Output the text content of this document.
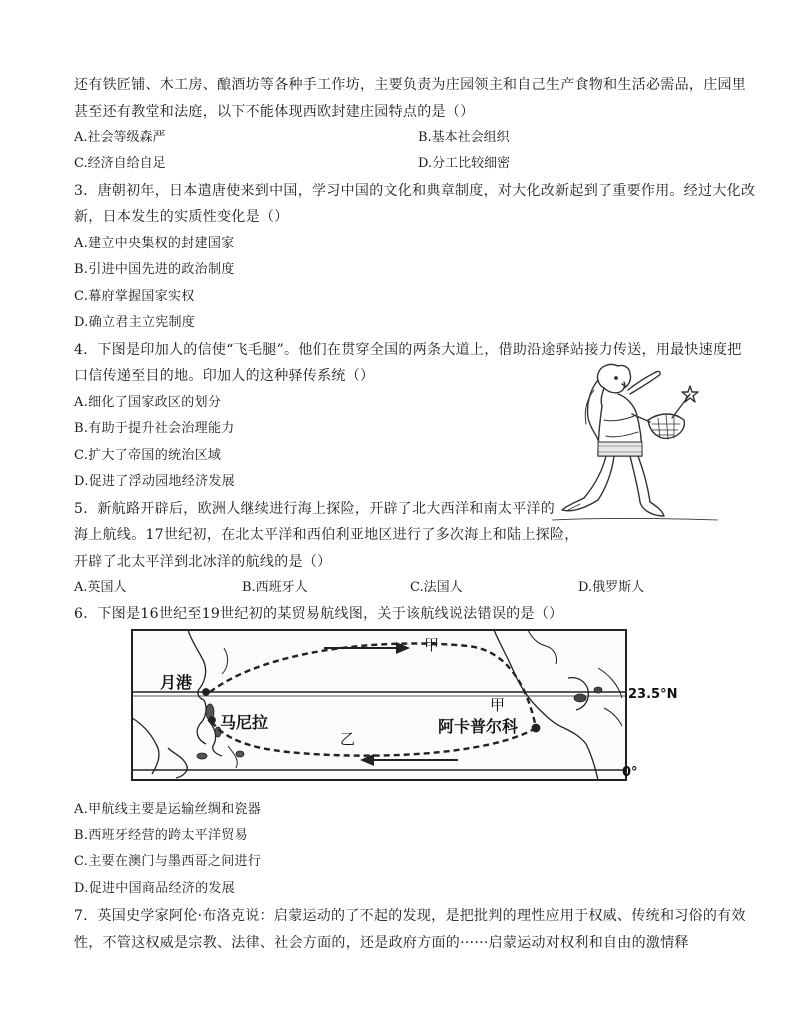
还有铁匠铺、木工房、酿酒坊等各种手工作坊，主要负责为庄园领主和自己生产食物和生活必需品，庄园里
甚至还有教堂和法庭，以下不能体现西欧封建庄园特点的是（）
A.社会等级森严	B.基本社会组织
C.经济自给自足	D.分工比较细密
3．唐朝初年，日本遣唐使来到中国，学习中国的文化和典章制度，对大化改新起到了重要作用。经过大化改
新，日本发生的实质性变化是（）
A.建立中央集权的封建国家
B.引进中国先进的政治制度
C.幕府掌握国家实权
D.确立君主立宪制度
4．下图是印加人的信使“飞毛腿”。他们在贯穿全国的两条大道上，借助沿途驿站接力传送，用最快速度把
口信传递至目的地。印加人的这种驿传系统（）
A.细化了国家政区的划分
B.有助于提升社会治理能力
C.扩大了帝国的统治区域
D.促进了浮动园地经济发展
5．新航路开辟后，欧洲人继续进行海上探险，开辟了北大西洋和南太平洋的
海上航线。17世纪初，在北太平洋和西伯利亚地区进行了多次海上和陆上探险，
开辟了北太平洋到北冰洋的航线的是（）
A.英国人	B.西班牙人	C.法国人	D.俄罗斯人
6．下图是16世纪至19世纪初的某贸易航线图，关于该航线说法错误的是（）
甲
甲
乙
月港
马尼拉	阿卡普尔科
23.5°N
0°
A.甲航线主要是运输丝绸和瓷器
B.西班牙经营的跨太平洋贸易
C.主要在澳门与墨西哥之间进行
D.促进中国商品经济的发展
7．英国史学家阿伦·布洛克说：启蒙运动的了不起的发现，是把批判的理性应用于权威、传统和习俗的有效
性，不管这权威是宗教、法律、社会方面的，还是政府方面的······启蒙运动对权利和自由的激情释
